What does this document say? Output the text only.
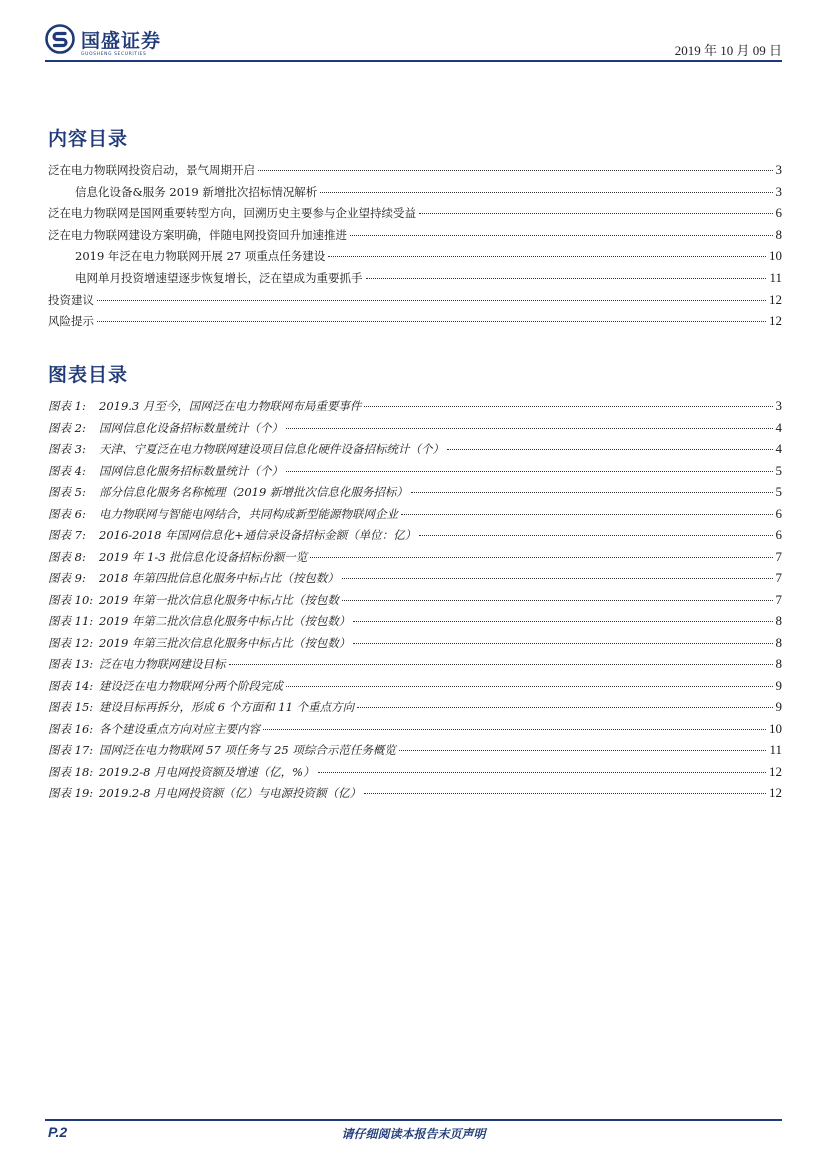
国盛证券
GUOSHENG SECURITIES	2019 年 10 月 09 日
内容目录
泛在电力物联网投资启动，景气周期开启	3
信息化设备&服务 2019 新增批次招标情况解析	3
泛在电力物联网是国网重要转型方向，回溯历史主要参与企业望持续受益	6
泛在电力物联网建设方案明确，伴随电网投资回升加速推进	8
2019 年泛在电力物联网开展 27 项重点任务建设	10
电网单月投资增速望逐步恢复增长，泛在望成为重要抓手	11
投资建议	12
风险提示	12
图表目录
图表 1: 2019.3 月至今，国网泛在电力物联网布局重要事件	3
图表 2: 国网信息化设备招标数量统计（个）	4
图表 3: 天津、宁夏泛在电力物联网建设项目信息化硬件设备招标统计（个）	4
图表 4: 国网信息化服务招标数量统计（个）	5
图表 5: 部分信息化服务名称梳理（2019 新增批次信息化服务招标）	5
图表 6: 电力物联网与智能电网结合，共同构成新型能源物联网企业	6
图表 7: 2016-2018 年国网信息化+通信录设备招标金额（单位：亿）	6
图表 8: 2019 年 1-3 批信息化设备招标份额一览	7
图表 9: 2018 年第四批信息化服务中标占比（按包数）	7
图表 10: 2019 年第一批次信息化服务中标占比（按包数	7
图表 11: 2019 年第二批次信息化服务中标占比（按包数）	8
图表 12: 2019 年第三批次信息化服务中标占比（按包数）	8
图表 13: 泛在电力物联网建设目标	8
图表 14: 建设泛在电力物联网分两个阶段完成	9
图表 15: 建设目标再拆分，形成 6 个方面和 11 个重点方向	9
图表 16: 各个建设重点方向对应主要内容	10
图表 17: 国网泛在电力物联网 57 项任务与 25 项综合示范任务概览	11
图表 18: 2019.2-8 月电网投资额及增速（亿，%）	12
图表 19: 2019.2-8 月电网投资额（亿）与电源投资额（亿）	12
P.2	请仔细阅读本报告末页声明
